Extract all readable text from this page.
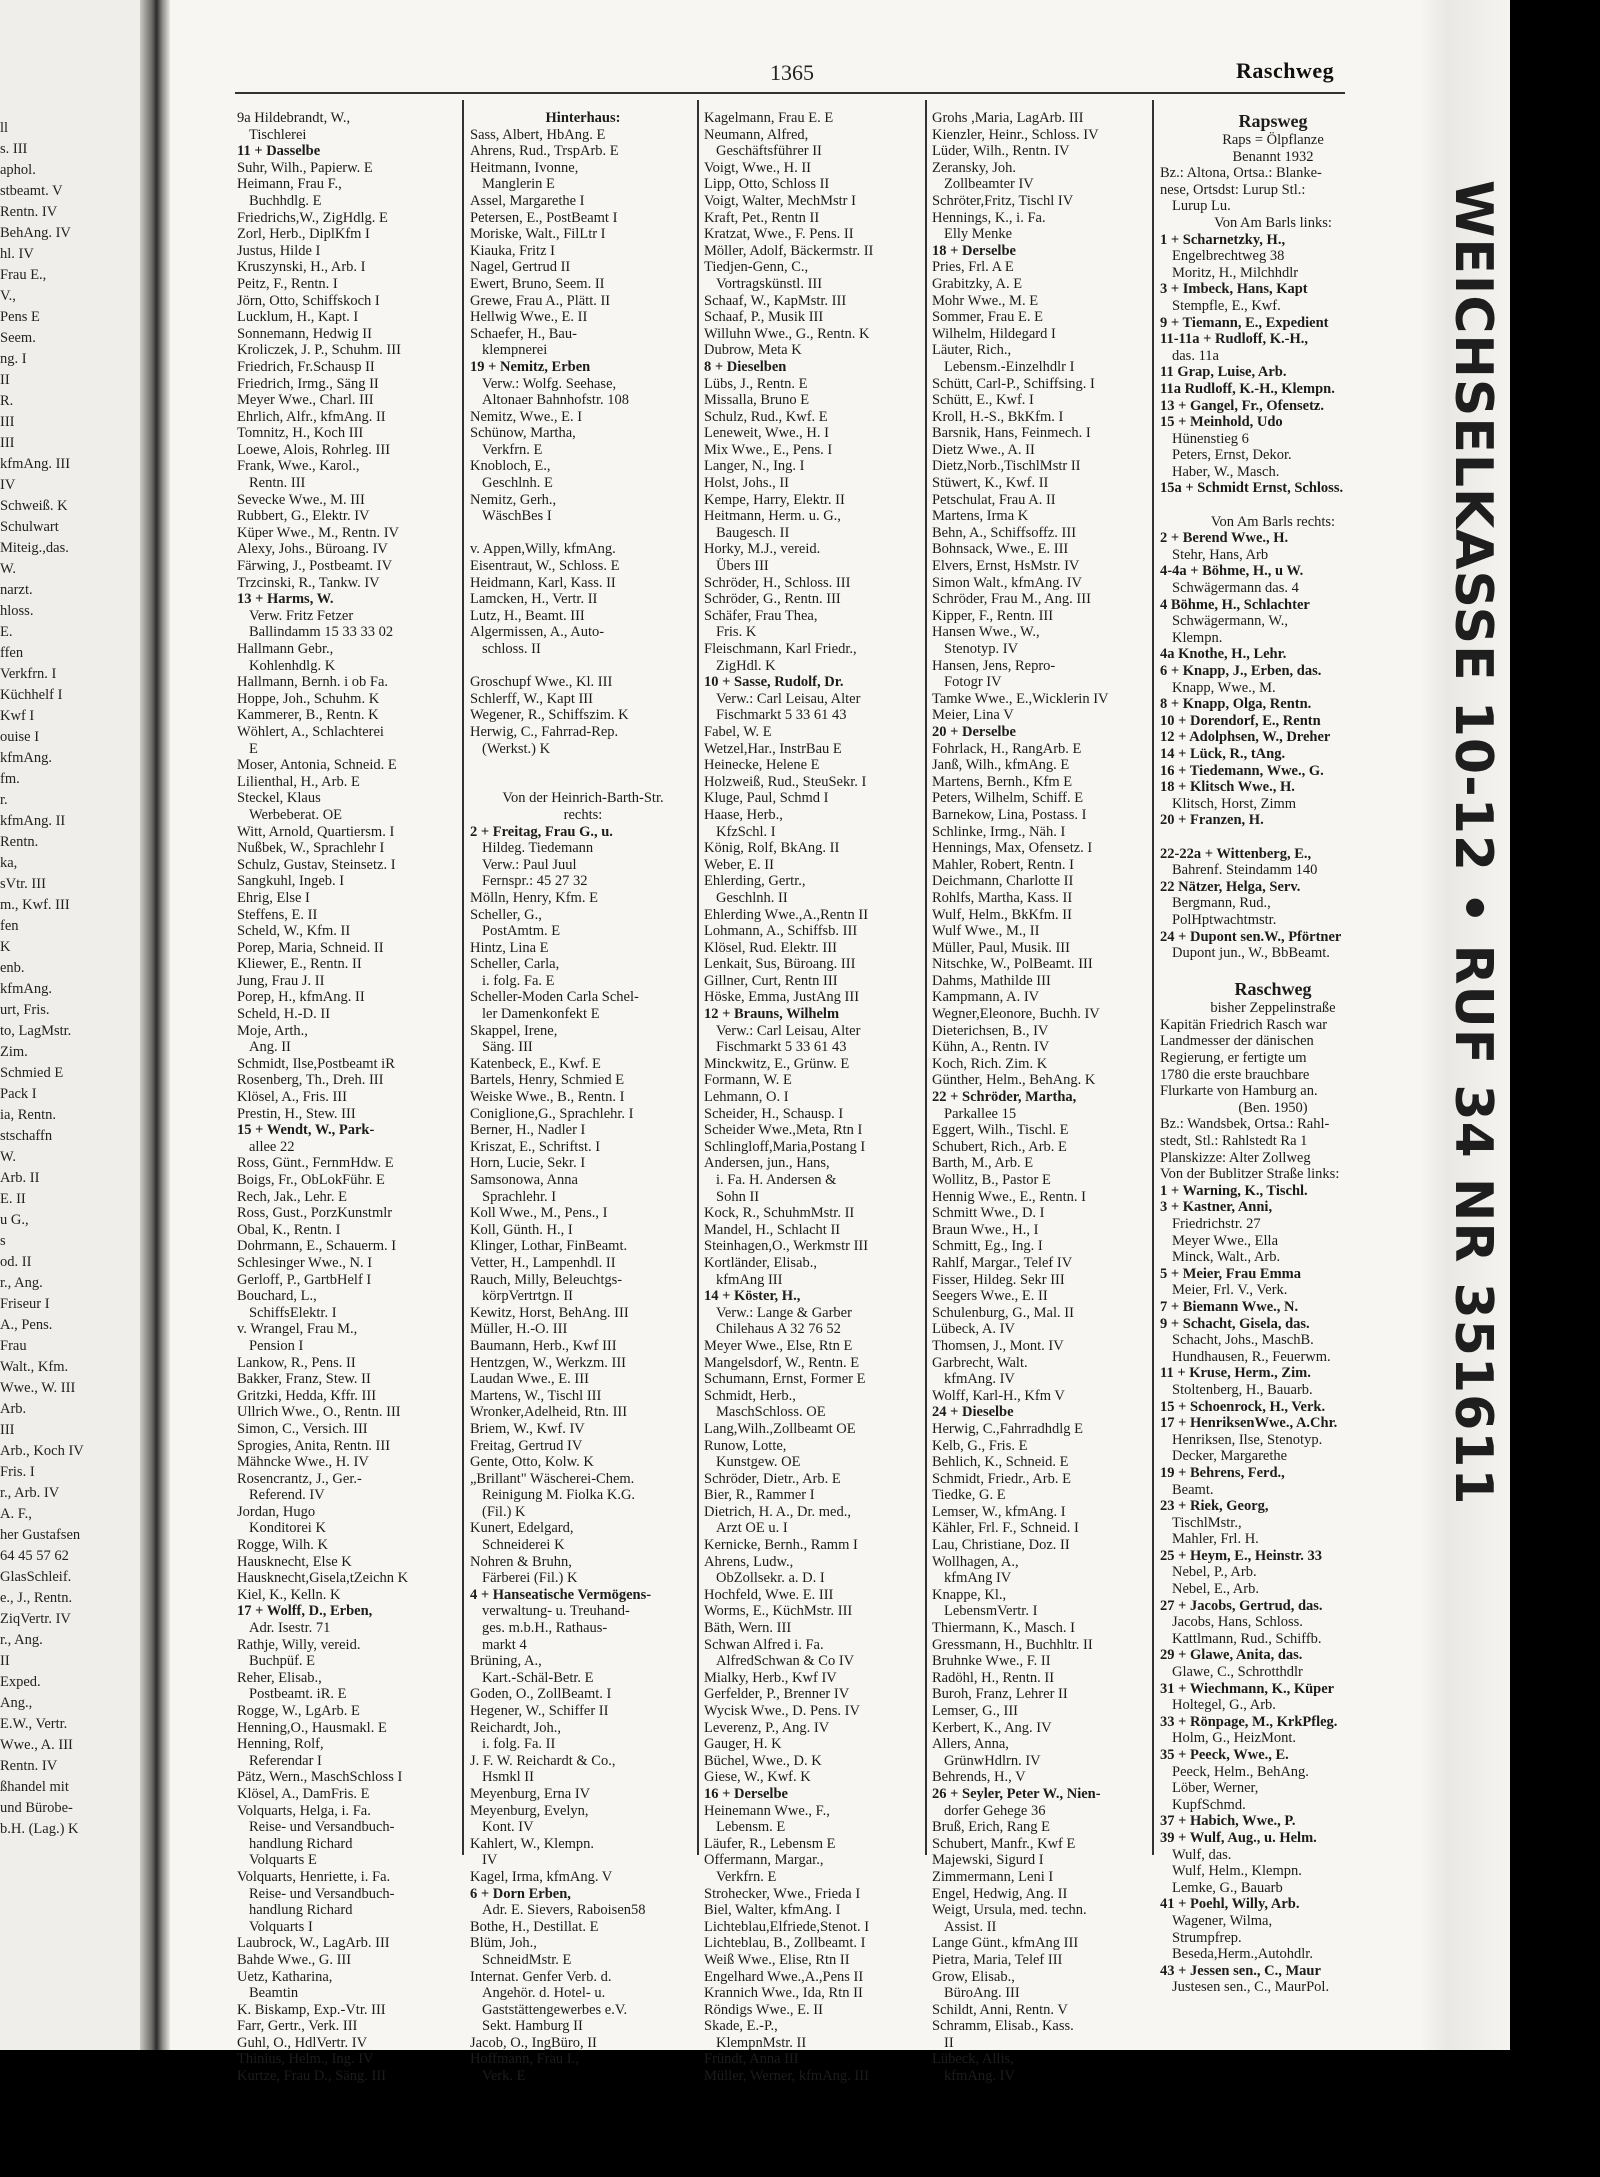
ll
s. III
aphol.
stbeamt. V
Rentn. IV
BehAng. IV
hl. IV
Frau E.,
V.,
Pens E
Seem.
ng. I
II
R.
III
III
kfmAng. III
IV
Schweiß. K
Schulwart
Miteig.,das.
W.
narzt.
hloss.
E.
ffen
Verkfrn. I
Küchhelf I
Kwf I
ouise I
kfmAng.
fm.
r.
kfmAng. II
Rentn.
ka,
sVtr. III
m., Kwf. III
fen
K
enb.
kfmAng.
urt, Fris.
to, LagMstr.
Zim.
Schmied E
Pack I
ia, Rentn.
stschaffn
W.
Arb. II
E. II
u G.,
s
od. II
r., Ang.
Friseur I
A., Pens.
Frau
Walt., Kfm.
Wwe., W. III
Arb.
III
Arb., Koch IV
Fris. I
r., Arb. IV
A. F.,
her Gustafsen
64 45 57 62
GlasSchleif.
e., J., Rentn.
ZiqVertr. IV
r., Ang.
II
Exped.
Ang.,
E.W., Vertr.
Wwe., A. III
Rentn. IV
ßhandel mit
und Bürobe-
b.H. (Lag.) K
1365	Raschweg
9a Hildebrandt, W.,
Tischlerei
11 + Dasselbe
Suhr, Wilh., Papierw. E
Heimann, Frau F.,
Buchhdlg. E
Friedrichs,W., ZigHdlg. E
Zorl, Herb., DiplKfm I
Justus, Hilde I
Kruszynski, H., Arb. I
Peitz, F., Rentn. I
Jörn, Otto, Schiffskoch I
Lucklum, H., Kapt. I
Sonnemann, Hedwig II
Kroliczek, J. P., Schuhm. III
Friedrich, Fr.Schausp II
Friedrich, Irmg., Säng II
Meyer Wwe., Charl. III
Ehrlich, Alfr., kfmAng. II
Tomnitz, H., Koch III
Loewe, Alois, Rohrleg. III
Frank, Wwe., Karol.,
Rentn. III
Sevecke Wwe., M. III
Rubbert, G., Elektr. IV
Küper Wwe., M., Rentn. IV
Alexy, Johs., Büroang. IV
Färwing, J., Postbeamt. IV
Trzcinski, R., Tankw. IV
13 + Harms, W.
Verw. Fritz Fetzer
Ballindamm 15 33 33 02
Hallmann Gebr.,
Kohlenhdlg. K
Hallmann, Bernh. i ob Fa.
Hoppe, Joh., Schuhm. K
Kammerer, B., Rentn. K
Wöhlert, A., Schlachterei
E
Moser, Antonia, Schneid. E
Lilienthal, H., Arb. E
Steckel, Klaus
Werbeberat. OE
Witt, Arnold, Quartiersm. I
Nußbek, W., Sprachlehr I
Schulz, Gustav, Steinsetz. I
Sangkuhl, Ingeb. I
Ehrig, Else I
Steffens, E. II
Scheld, W., Kfm. II
Porep, Maria, Schneid. II
Kliewer, E., Rentn. II
Jung, Frau J. II
Porep, H., kfmAng. II
Scheld, H.-D. II
Moje, Arth.,
Ang. II
Schmidt, Ilse,Postbeamt iR
Rosenberg, Th., Dreh. III
Klösel, A., Fris. III
Prestin, H., Stew. III
15 + Wendt, W., Park-
allee 22
Ross, Günt., FernmHdw. E
Boigs, Fr., ObLokFühr. E
Rech, Jak., Lehr. E
Ross, Gust., PorzKunstmlr
Obal, K., Rentn. I
Dohrmann, E., Schauerm. I
Schlesinger Wwe., N. I
Gerloff, P., GartbHelf I
Bouchard, L.,
SchiffsElektr. I
v. Wrangel, Frau M.,
Pension I
Lankow, R., Pens. II
Bakker, Franz, Stew. II
Gritzki, Hedda, Kffr. III
Ullrich Wwe., O., Rentn. III
Simon, C., Versich. III
Sprogies, Anita, Rentn. III
Mähncke Wwe., H. IV
Rosencrantz, J., Ger.-
Referend. IV
Jordan, Hugo
Konditorei K
Rogge, Wilh. K
Hausknecht, Else K
Hausknecht,Gisela,tZeichn K
Kiel, K., Kelln. K
17 + Wolff, D., Erben,
Adr. Isestr. 71
Rathje, Willy, vereid.
Buchpüf. E
Reher, Elisab.,
Postbeamt. iR. E
Rogge, W., LgArb. E
Henning,O., Hausmakl. E
Henning, Rolf,
Referendar I
Pätz, Wern., MaschSchloss I
Klösel, A., DamFris. E
Volquarts, Helga, i. Fa.
Reise- und Versandbuch-
handlung Richard
Volquarts E
Volquarts, Henriette, i. Fa.
Reise- und Versandbuch-
handlung Richard
Volquarts I
Laubrock, W., LagArb. III
Bahde Wwe., G. III
Uetz, Katharina,
Beamtin
K. Biskamp, Exp.-Vtr. III
Farr, Gertr., Verk. III
Guhl, O., HdlVertr. IV
Thinius, Helm., Ing. IV
Kurtze, Frau D., Säng. III
Hinterhaus:
Sass, Albert, HbAng. E
Ahrens, Rud., TrspArb. E
Heitmann, Ivonne,
Manglerin E
Assel, Margarethe I
Petersen, E., PostBeamt I
Moriske, Walt., FilLtr I
Kiauka, Fritz I
Nagel, Gertrud II
Ewert, Bruno, Seem. II
Grewe, Frau A., Plätt. II
Hellwig Wwe., E. II
Schaefer, H., Bau-
klempnerei
19 + Nemitz, Erben
Verw.: Wolfg. Seehase,
Altonaer Bahnhofstr. 108
Nemitz, Wwe., E. I
Schünow, Martha,
Verkfrn. E
Knobloch, E.,
Geschlnh. E
Nemitz, Gerh.,
WäschBes I
v. Appen,Willy, kfmAng.
Eisentraut, W., Schloss. E
Heidmann, Karl, Kass. II
Lamcken, H., Vertr. II
Lutz, H., Beamt. III
Algermissen, A., Auto-
schloss. II
Groschupf Wwe., Kl. III
Schlerff, W., Kapt III
Wegener, R., Schiffszim. K
Herwig, C., Fahrrad-Rep.
(Werkst.) K
Von der Heinrich-Barth-Str.
rechts:
2 + Freitag, Frau G., u.
Hildeg. Tiedemann
Verw.: Paul Juul
Fernspr.: 45 27 32
Mölln, Henry, Kfm. E
Scheller, G.,
PostAmtm. E
Hintz, Lina E
Scheller, Carla,
i. folg. Fa. E
Scheller-Moden Carla Schel-
ler Damenkonfekt E
Skappel, Irene,
Säng. III
Katenbeck, E., Kwf. E
Bartels, Henry, Schmied E
Weiske Wwe., B., Rentn. I
Coniglione,G., Sprachlehr. I
Berner, H., Nadler I
Kriszat, E., Schriftst. I
Horn, Lucie, Sekr. I
Samsonowa, Anna
Sprachlehr. I
Koll Wwe., M., Pens., I
Koll, Günth. H., I
Klinger, Lothar, FinBeamt.
Vetter, H., Lampenhdl. II
Rauch, Milly, Beleuchtgs-
körpVertrtgn. II
Kewitz, Horst, BehAng. III
Müller, H.-O. III
Baumann, Herb., Kwf III
Hentzgen, W., Werkzm. III
Laudan Wwe., E. III
Martens, W., Tischl III
Wronker,Adelheid, Rtn. III
Briem, W., Kwf. IV
Freitag, Gertrud IV
Gente, Otto, Kolw. K
„Brillant" Wäscherei-Chem.
Reinigung M. Fiolka K.G.
(Fil.) K
Kunert, Edelgard,
Schneiderei K
Nohren & Bruhn,
Färberei (Fil.) K
4 + Hanseatische Vermögens-
verwaltung- u. Treuhand-
ges. m.b.H., Rathaus-
markt 4
Brüning, A.,
Kart.-Schäl-Betr. E
Goden, O., ZollBeamt. I
Hegener, W., Schiffer II
Reichardt, Joh.,
i. folg. Fa. II
J. F. W. Reichardt & Co.,
Hsmkl II
Meyenburg, Erna IV
Meyenburg, Evelyn,
Kont. IV
Kahlert, W., Klempn.
IV
Kagel, Irma, kfmAng. V
6 + Dorn Erben,
Adr. E. Sievers, Raboisen58
Bothe, H., Destillat. E
Blüm, Joh.,
SchneidMstr. E
Internat. Genfer Verb. d.
Angehör. d. Hotel- u.
Gaststättengewerbes e.V.
Sekt. Hamburg II
Jacob, O., IngBüro, II
Hoffmann, Frau I.,
Verk. E
Kagelmann, Frau E. E
Neumann, Alfred,
Geschäftsführer II
Voigt, Wwe., H. II
Lipp, Otto, Schloss II
Voigt, Walter, MechMstr I
Kraft, Pet., Rentn II
Kratzat, Wwe., F. Pens. II
Möller, Adolf, Bäckermstr. II
Tiedjen-Genn, C.,
Vortragskünstl. III
Schaaf, W., KapMstr. III
Schaaf, P., Musik III
Willuhn Wwe., G., Rentn. K
Dubrow, Meta K
8 + Dieselben
Lübs, J., Rentn. E
Missalla, Bruno E
Schulz, Rud., Kwf. E
Leneweit, Wwe., H. I
Mix Wwe., E., Pens. I
Langer, N., Ing. I
Holst, Johs., II
Kempe, Harry, Elektr. II
Heitmann, Herm. u. G.,
Baugesch. II
Horky, M.J., vereid.
Übers III
Schröder, H., Schloss. III
Schröder, G., Rentn. III
Schäfer, Frau Thea,
Fris. K
Fleischmann, Karl Friedr.,
ZigHdl. K
10 + Sasse, Rudolf, Dr.
Verw.: Carl Leisau, Alter
Fischmarkt 5 33 61 43
Fabel, W. E
Wetzel,Har., InstrBau E
Heinecke, Helene E
Holzweiß, Rud., SteuSekr. I
Kluge, Paul, Schmd I
Haase, Herb.,
KfzSchl. I
König, Rolf, BkAng. II
Weber, E. II
Ehlerding, Gertr.,
Geschlnh. II
Ehlerding Wwe.,A.,Rentn II
Lohmann, A., Schiffsb. III
Klösel, Rud. Elektr. III
Lenkait, Sus, Büroang. III
Gillner, Curt, Rentn III
Höske, Emma, JustAng III
12 + Brauns, Wilhelm
Verw.: Carl Leisau, Alter
Fischmarkt 5 33 61 43
Minckwitz, E., Grünw. E
Formann, W. E
Lehmann, O. I
Scheider, H., Schausp. I
Scheider Wwe.,Meta, Rtn I
Schlingloff,Maria,Postang I
Andersen, jun., Hans,
i. Fa. H. Andersen &
Sohn II
Kock, R., SchuhmMstr. II
Mandel, H., Schlacht II
Steinhagen,O., Werkmstr III
Kortländer, Elisab.,
kfmAng III
14 + Köster, H.,
Verw.: Lange & Garber
Chilehaus A 32 76 52
Meyer Wwe., Else, Rtn E
Mangelsdorf, W., Rentn. E
Schumann, Ernst, Former E
Schmidt, Herb.,
MaschSchloss. OE
Lang,Wilh.,Zollbeamt OE
Runow, Lotte,
Kunstgew. OE
Schröder, Dietr., Arb. E
Bier, R., Rammer I
Dietrich, H. A., Dr. med.,
Arzt OE u. I
Kernicke, Bernh., Ramm I
Ahrens, Ludw.,
ObZollsekr. a. D. I
Hochfeld, Wwe. E. III
Worms, E., KüchMstr. III
Bäth, Wern. III
Schwan Alfred i. Fa.
AlfredSchwan & Co IV
Mialky, Herb., Kwf IV
Gerfelder, P., Brenner IV
Wycisk Wwe., D. Pens. IV
Leverenz, P., Ang. IV
Gauger, H. K
Büchel, Wwe., D. K
Giese, W., Kwf. K
16 + Derselbe
Heinemann Wwe., F.,
Lebensm. E
Läufer, R., Lebensm E
Offermann, Margar.,
Verkfrn. E
Strohecker, Wwe., Frieda I
Biel, Walter, kfmAng. I
Lichteblau,Elfriede,Stenot. I
Lichteblau, B., Zollbeamt. I
Weiß Wwe., Elise, Rtn II
Engelhard Wwe.,A.,Pens II
Krannich Wwe., Ida, Rtn II
Röndigs Wwe., E. II
Skade, E.-P.,
KlempnMstr. II
Fründt, Anna III
Müller, Werner, kfmAng. III
Grohs ,Maria, LagArb. III
Kienzler, Heinr., Schloss. IV
Lüder, Wilh., Rentn. IV
Zeransky, Joh.
Zollbeamter IV
Schröter,Fritz, Tischl IV
Hennings, K., i. Fa.
Elly Menke
18 + Derselbe
Pries, Frl. A E
Grabitzky, A. E
Mohr Wwe., M. E
Sommer, Frau E. E
Wilhelm, Hildegard I
Läuter, Rich.,
Lebensm.-Einzelhdlr I
Schütt, Carl-P., Schiffsing. I
Schütt, E., Kwf. I
Kroll, H.-S., BkKfm. I
Barsnik, Hans, Feinmech. I
Dietz Wwe., A. II
Dietz,Norb.,TischlMstr II
Stüwert, K., Kwf. II
Petschulat, Frau A. II
Martens, Irma K
Behn, A., Schiffsoffz. III
Bohnsack, Wwe., E. III
Elvers, Ernst, HsMstr. IV
Simon Walt., kfmAng. IV
Schröder, Frau M., Ang. III
Kipper, F., Rentn. III
Hansen Wwe., W.,
Stenotyp. IV
Hansen, Jens, Repro-
Fotogr IV
Tamke Wwe., E.,Wicklerin IV
Meier, Lina V
20 + Derselbe
Fohrlack, H., RangArb. E
Janß, Wilh., kfmAng. E
Martens, Bernh., Kfm E
Peters, Wilhelm, Schiff. E
Barnekow, Lina, Postass. I
Schlinke, Irmg., Näh. I
Hennings, Max, Ofensetz. I
Mahler, Robert, Rentn. I
Deichmann, Charlotte II
Rohlfs, Martha, Kass. II
Wulf, Helm., BkKfm. II
Wulf Wwe., M., II
Müller, Paul, Musik. III
Nitschke, W., PolBeamt. III
Dahms, Mathilde III
Kampmann, A. IV
Wegner,Eleonore, Buchh. IV
Dieterichsen, B., IV
Kühn, A., Rentn. IV
Koch, Rich. Zim. K
Günther, Helm., BehAng. K
22 + Schröder, Martha,
Parkallee 15
Eggert, Wilh., Tischl. E
Schubert, Rich., Arb. E
Barth, M., Arb. E
Wollitz, B., Pastor E
Hennig Wwe., E., Rentn. I
Schmitt Wwe., D. I
Braun Wwe., H., I
Schmitt, Eg., Ing. I
Rahlf, Margar., Telef IV
Fisser, Hildeg. Sekr III
Seegers Wwe., E. II
Schulenburg, G., Mal. II
Lübeck, A. IV
Thomsen, J., Mont. IV
Garbrecht, Walt.
kfmAng. IV
Wolff, Karl-H., Kfm V
24 + Dieselbe
Herwig, C.,Fahrradhdlg E
Kelb, G., Fris. E
Behlich, K., Schneid. E
Schmidt, Friedr., Arb. E
Tiedke, G. E
Lemser, W., kfmAng. I
Kähler, Frl. F., Schneid. I
Lau, Christiane, Doz. II
Wollhagen, A.,
kfmAng IV
Knappe, Kl.,
LebensmVertr. I
Thiermann, K., Masch. I
Gressmann, H., Buchhltr. II
Bruhnke Wwe., F. II
Radöhl, H., Rentn. II
Buroh, Franz, Lehrer II
Lemser, G., III
Kerbert, K., Ang. IV
Allers, Anna,
GrünwHdlrn. IV
Behrends, H., V
26 + Seyler, Peter W., Nien-
dorfer Gehege 36
Bruß, Erich, Rang E
Schubert, Manfr., Kwf E
Majewski, Sigurd I
Zimmermann, Leni I
Engel, Hedwig, Ang. II
Weigt, Ursula, med. techn.
Assist. II
Lange Günt., kfmAng III
Pietra, Maria, Telef III
Grow, Elisab.,
BüroAng. III
Schildt, Anni, Rentn. V
Schramm, Elisab., Kass.
II
Lübeck, Allis,
kfmAng. IV
Rapsweg
Raps = Ölpflanze
Benannt 1932
Bz.: Altona, Ortsa.: Blanke-
nese, Ortsdst: Lurup Stl.:
Lurup Lu.
Von Am Barls links:
1 + Scharnetzky, H.,
Engelbrechtweg 38
Moritz, H., Milchhdlr
3 + Imbeck, Hans, Kapt
Stempfle, E., Kwf.
9 + Tiemann, E., Expedient
11-11a + Rudloff, K.-H.,
das. 11a
11 Grap, Luise, Arb.
11a Rudloff, K.-H., Klempn.
13 + Gangel, Fr., Ofensetz.
15 + Meinhold, Udo
Hünenstieg 6
Peters, Ernst, Dekor.
Haber, W., Masch.
15a + Schmidt Ernst, Schloss.
Von Am Barls rechts:
2 + Berend Wwe., H.
Stehr, Hans, Arb
4-4a + Böhme, H., u W.
Schwägermann das. 4
4 Böhme, H., Schlachter
Schwägermann, W.,
Klempn.
4a Knothe, H., Lehr.
6 + Knapp, J., Erben, das.
Knapp, Wwe., M.
8 + Knapp, Olga, Rentn.
10 + Dorendorf, E., Rentn
12 + Adolphsen, W., Dreher
14 + Lück, R., tAng.
16 + Tiedemann, Wwe., G.
18 + Klitsch Wwe., H.
Klitsch, Horst, Zimm
20 + Franzen, H.
22-22a + Wittenberg, E.,
Bahrenf. Steindamm 140
22 Nätzer, Helga, Serv.
Bergmann, Rud.,
PolHptwachtmstr.
24 + Dupont sen.W., Pförtner
Dupont jun., W., BbBeamt.
Raschweg
bisher Zeppelinstraße
Kapitän Friedrich Rasch war
Landmesser der dänischen
Regierung, er fertigte um
1780 die erste brauchbare
Flurkarte von Hamburg an.
(Ben. 1950)
Bz.: Wandsbek, Ortsa.: Rahl-
stedt, Stl.: Rahlstedt Ra 1
Planskizze: Alter Zollweg
Von der Bublitzer Straße links:
1 + Warning, K., Tischl.
3 + Kastner, Anni,
Friedrichstr. 27
Meyer Wwe., Ella
Minck, Walt., Arb.
5 + Meier, Frau Emma
Meier, Frl. V., Verk.
7 + Biemann Wwe., N.
9 + Schacht, Gisela, das.
Schacht, Johs., MaschB.
Hundhausen, R., Feuerwm.
11 + Kruse, Herm., Zim.
Stoltenberg, H., Bauarb.
15 + Schoenrock, H., Verk.
17 + HenriksenWwe., A.Chr.
Henriksen, Ilse, Stenotyp.
Decker, Margarethe
19 + Behrens, Ferd.,
Beamt.
23 + Riek, Georg,
TischlMstr.,
Mahler, Frl. H.
25 + Heym, E., Heinstr. 33
Nebel, P., Arb.
Nebel, E., Arb.
27 + Jacobs, Gertrud, das.
Jacobs, Hans, Schloss.
Kattlmann, Rud., Schiffb.
29 + Glawe, Anita, das.
Glawe, C., Schrotthdlr
31 + Wiechmann, K., Küper
Holtegel, G., Arb.
33 + Rönpage, M., KrkPfleg.
Holm, G., HeizMont.
35 + Peeck, Wwe., E.
Peeck, Helm., BehAng.
Löber, Werner,
KupfSchmd.
37 + Habich, Wwe., P.
39 + Wulf, Aug., u. Helm.
Wulf, das.
Wulf, Helm., Klempn.
Lemke, G., Bauarb
41 + Poehl, Willy, Arb.
Wagener, Wilma,
Strumpfrep.
Beseda,Herm.,Autohdlr.
43 + Jessen sen., C., Maur
Justesen sen., C., MaurPol.
WEICHSELKASSE 10-12 • RUF 34 NR 351611
